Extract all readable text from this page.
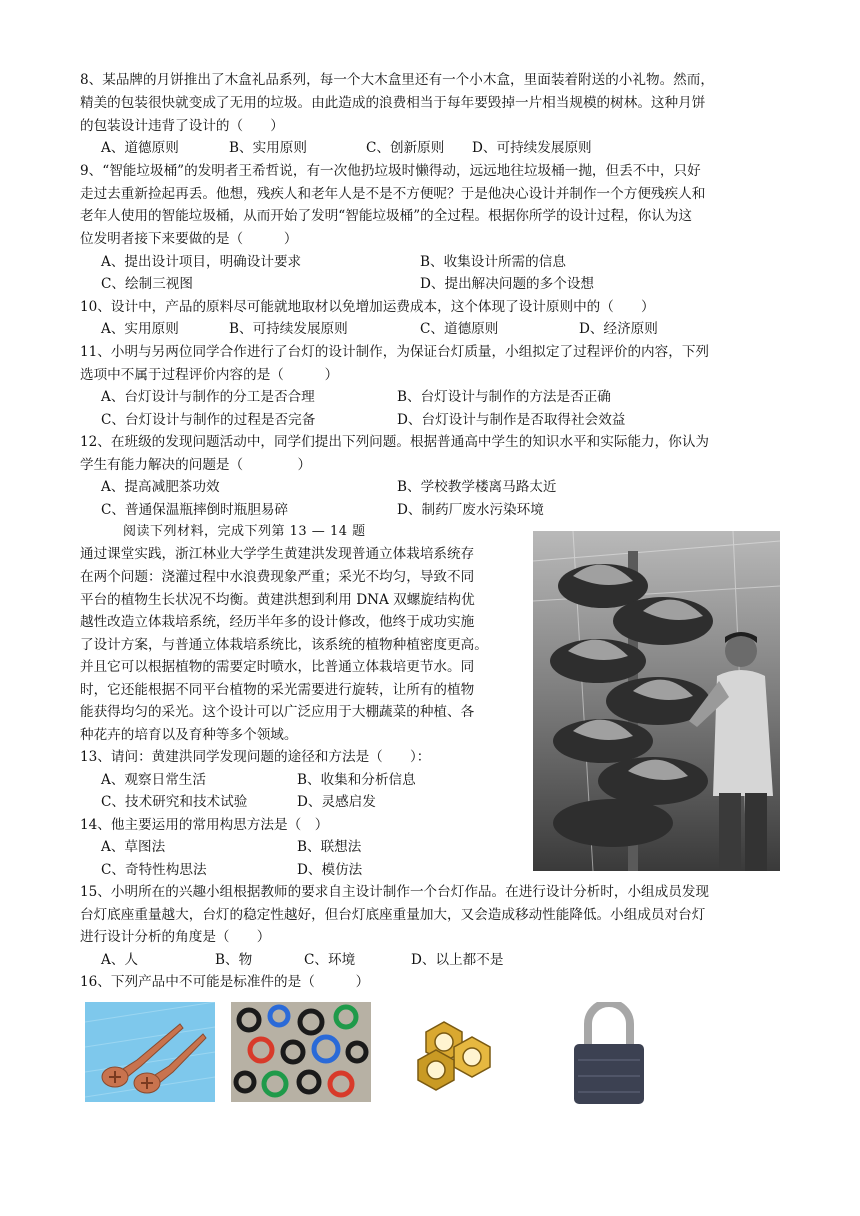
8、某品牌的月饼推出了木盒礼品系列，每一个大木盒里还有一个小木盒，里面装着附送的小礼物。然而，
精美的包装很快就变成了无用的垃圾。由此造成的浪费相当于每年要毁掉一片相当规模的树林。这种月饼
的包装设计违背了设计的（　　）
A、道德原则	B、实用原则	C、创新原则 D、可持续发展原则
9、“智能垃圾桶”的发明者王希哲说，有一次他扔垃圾时懒得动，远远地往垃圾桶一抛，但丢不中，只好
走过去重新捡起再丢。他想，残疾人和老年人是不是不方便呢？于是他决心设计并制作一个方便残疾人和
老年人使用的智能垃圾桶，从而开始了发明“智能垃圾桶”的全过程。根据你所学的设计过程，你认为这
位发明者接下来要做的是（　　　）
A、提出设计项目，明确设计要求	B、收集设计所需的信息
C、绘制三视图	D、提出解决问题的多个设想
10、设计中，产品的原料尽可能就地取材以免增加运费成本，这个体现了设计原则中的（　　）
A、实用原则	B、可持续发展原则	C、道德原则	D、经济原则
11、小明与另两位同学合作进行了台灯的设计制作，为保证台灯质量，小组拟定了过程评价的内容，下列
选项中不属于过程评价内容的是（　　　）
A、台灯设计与制作的分工是否合理	B、台灯设计与制作的方法是否正确
C、台灯设计与制作的过程是否完备	D、台灯设计与制作是否取得社会效益
12、在班级的发现问题活动中，同学们提出下列问题。根据普通高中学生的知识水平和实际能力，你认为
学生有能力解决的问题是（　　　　）
A、提高减肥茶功效	B、学校教学楼离马路太近
C、普通保温瓶摔倒时瓶胆易碎	D、制药厂废水污染环境
阅读下列材料，完成下列第 13 — 14 题
通过课堂实践，浙江林业大学学生黄建洪发现普通立体栽培系统存
在两个问题：浇灌过程中水浪费现象严重；采光不均匀，导致不同
平台的植物生长状况不均衡。黄建洪想到利用 DNA 双螺旋结构优
越性改造立体栽培系统，经历半年多的设计修改，他终于成功实施
了设计方案，与普通立体栽培系统比，该系统的植物种植密度更高。
并且它可以根据植物的需要定时喷水，比普通立体栽培更节水。同
时，它还能根据不同平台植物的采光需要进行旋转，让所有的植物
能获得均匀的采光。这个设计可以广泛应用于大棚蔬菜的种植、各
种花卉的培育以及育种等多个领域。
13、请问：黄建洪同学发现问题的途径和方法是（　　）：
A、观察日常生活	B、收集和分析信息
C、技术研究和技术试验	D、灵感启发
14、他主要运用的常用构思方法是（　）
A、草图法	B、联想法
C、奇特性构思法	D、模仿法
15、小明所在的兴趣小组根据教师的要求自主设计制作一个台灯作品。在进行设计分析时，小组成员发现
台灯底座重量越大，台灯的稳定性越好，但台灯底座重量加大，又会造成移动性能降低。小组成员对台灯
进行设计分析的角度是（　　）
A、人	B、物	C、环境	D、以上都不是
16、下列产品中不可能是标准件的是（　　　）
